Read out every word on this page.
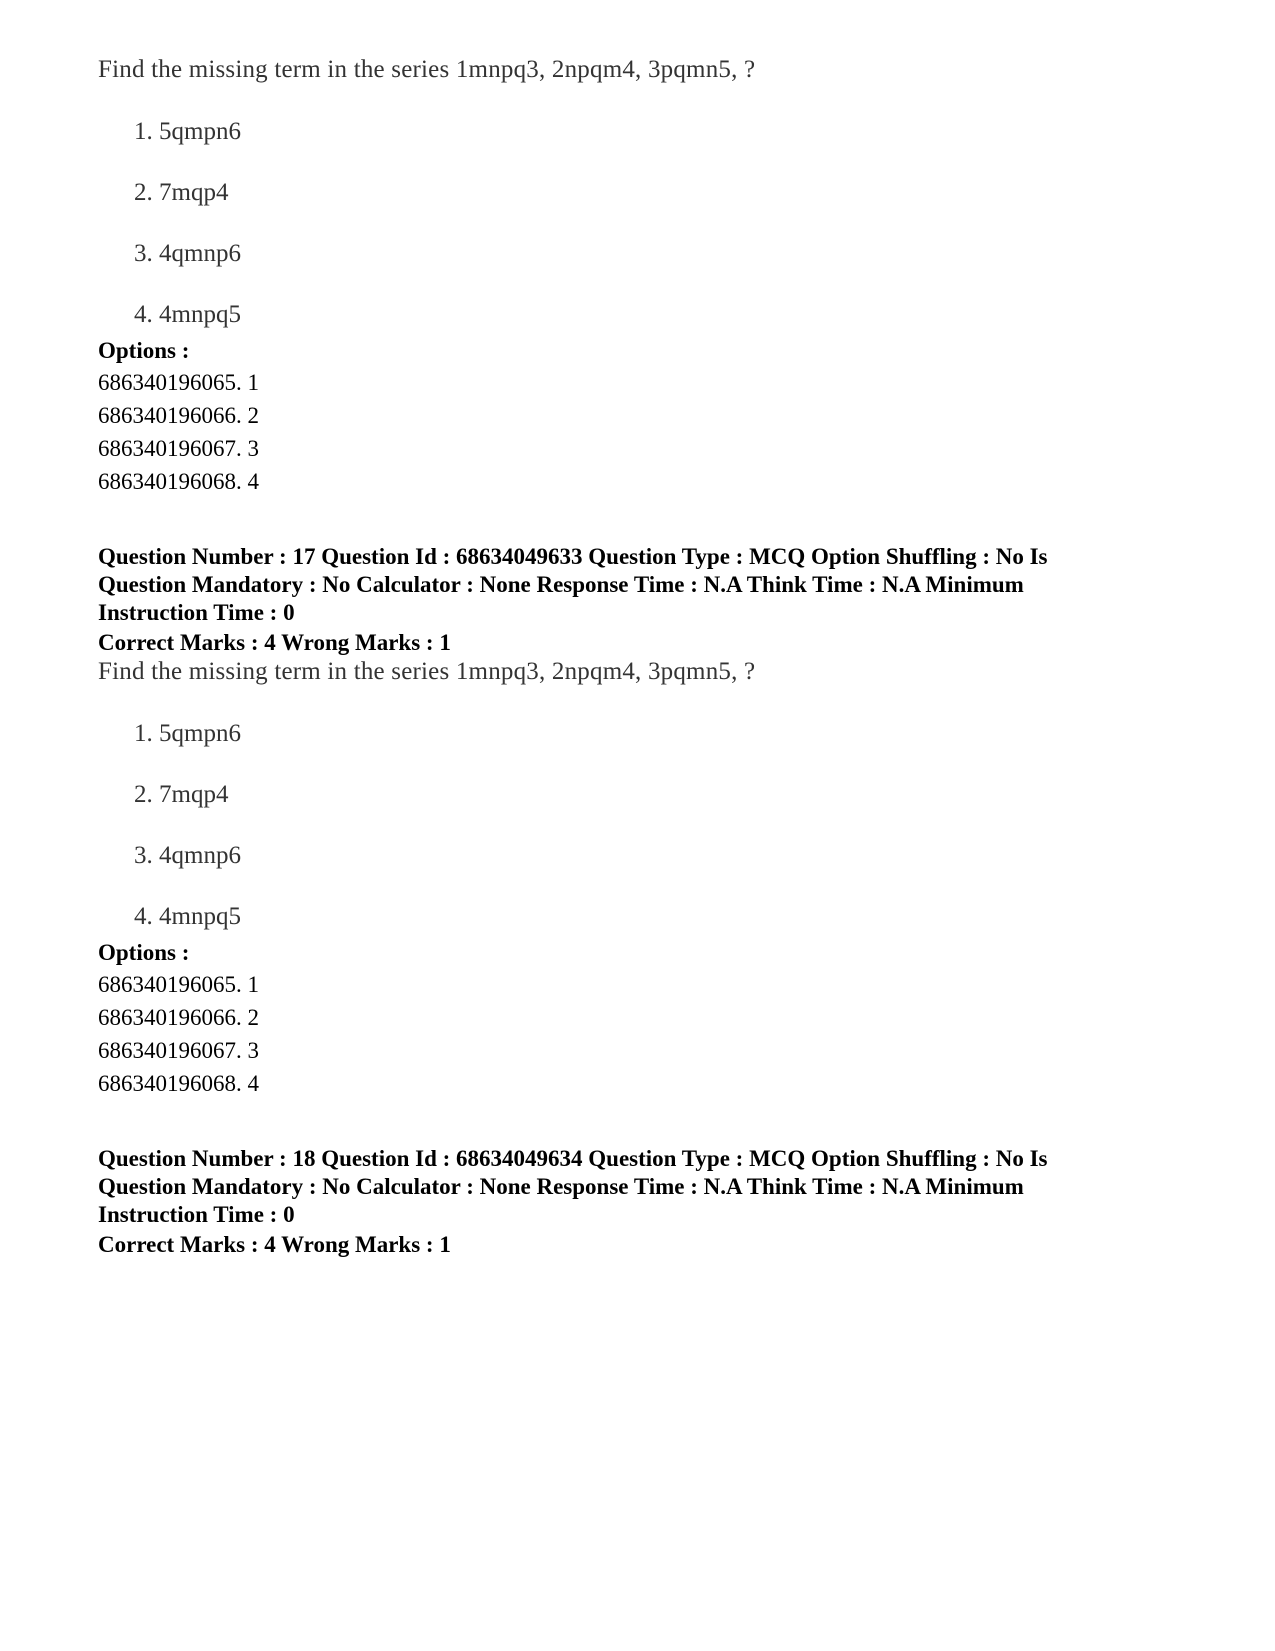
Find the missing term in the series 1mnpq3, 2npqm4, 3pqmn5, ?
1. 5qmpn6
2. 7mqp4
3. 4qmnp6
4. 4mnpq5
Options :
686340196065. 1
686340196066. 2
686340196067. 3
686340196068. 4
Question Number : 17 Question Id : 68634049633 Question Type : MCQ Option Shuffling : No Is
Question Mandatory : No Calculator : None Response Time : N.A Think Time : N.A Minimum
Instruction Time : 0
Correct Marks : 4 Wrong Marks : 1
Find the missing term in the series 1mnpq3, 2npqm4, 3pqmn5, ?
1. 5qmpn6
2. 7mqp4
3. 4qmnp6
4. 4mnpq5
Options :
686340196065. 1
686340196066. 2
686340196067. 3
686340196068. 4
Question Number : 18 Question Id : 68634049634 Question Type : MCQ Option Shuffling : No Is
Question Mandatory : No Calculator : None Response Time : N.A Think Time : N.A Minimum
Instruction Time : 0
Correct Marks : 4 Wrong Marks : 1
